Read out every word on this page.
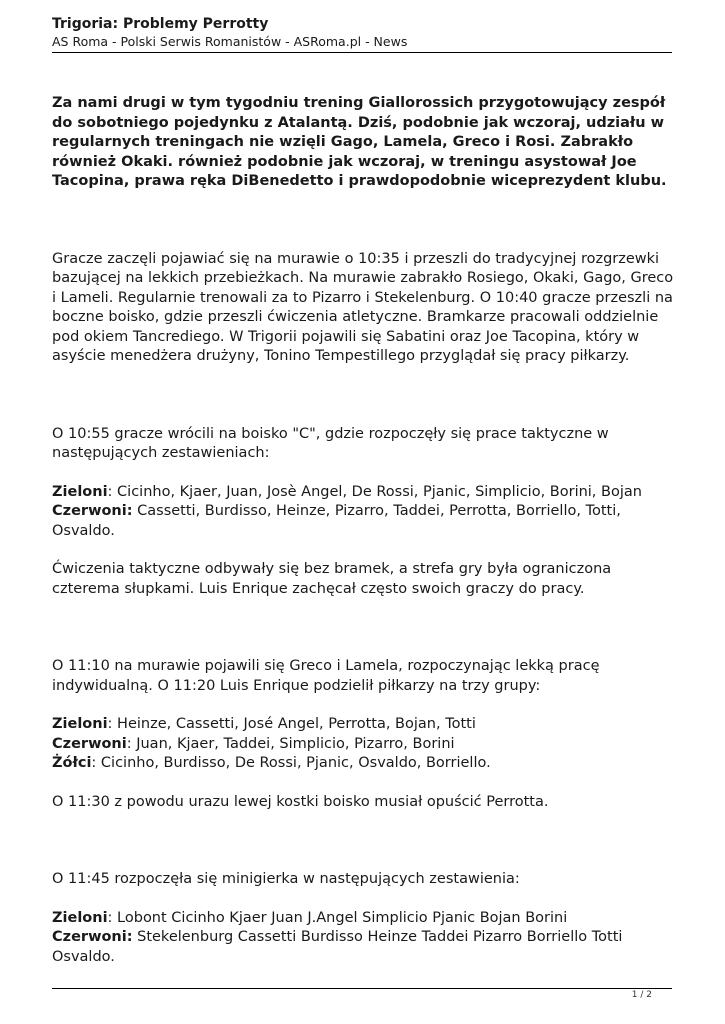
Trigoria: Problemy Perrotty

AS Roma - Polski Serwis Romanistów - ASRoma.pl - News

Za nami drugi w tym tygodniu trening Giallorossich przygotowujący zespół do sobotniego pojedynku z Atalantą. Dziś, podobnie jak wczoraj, udziału w regularnych treningach nie wzięli Gago, Lamela, Greco i Rosi. Zabrakło również Okaki. również podobnie jak wczoraj, w treningu asystował Joe Tacopina, prawa ręka DiBenedetto i prawdopodobnie wiceprezydent klubu.

Gracze zaczęli pojawiać się na murawie o 10:35 i przeszli do tradycyjnej rozgrzewki bazującej na lekkich przebieżkach. Na murawie zabrakło Rosiego, Okaki, Gago, Greco i Lameli. Regularnie trenowali za to Pizarro i Stekelenburg. O 10:40 gracze przeszli na boczne boisko, gdzie przeszli ćwiczenia atletyczne. Bramkarze pracowali oddzielnie pod okiem Tancrediego. W Trigorii pojawili się Sabatini oraz Joe Tacopina, który w asyście menedżera drużyny, Tonino Tempestillego przyglądał się pracy piłkarzy.

O 10:55 gracze wrócili na boisko "C", gdzie rozpoczęły się prace taktyczne w następujących zestawieniach:

Zieloni: Cicinho, Kjaer, Juan, Josè Angel, De Rossi, Pjanic, Simplicio, Borini, Bojan

Czerwoni: Cassetti, Burdisso, Heinze, Pizarro, Taddei, Perrotta, Borriello, Totti, Osvaldo.

Ćwiczenia taktyczne odbywały się bez bramek, a strefa gry była ograniczona czterema słupkami. Luis Enrique zachęcał często swoich graczy do pracy.

O 11:10 na murawie pojawili się Greco i Lamela, rozpoczynając lekką pracę indywidualną. O 11:20 Luis Enrique podzielił piłkarzy na trzy grupy:

Zieloni: Heinze, Cassetti, José Angel, Perrotta, Bojan, Totti

Czerwoni: Juan, Kjaer, Taddei, Simplicio, Pizarro, Borini

Żółci: Cicinho, Burdisso, De Rossi, Pjanic, Osvaldo, Borriello.

O 11:30 z powodu urazu lewej kostki boisko musiał opuścić Perrotta.

O 11:45 rozpoczęła się minigierka w następujących zestawienia:

Zieloni: Lobont Cicinho Kjaer Juan J.Angel Simplicio Pjanic Bojan Borini

Czerwoni: Stekelenburg Cassetti Burdisso Heinze Taddei Pizarro Borriello Totti Osvaldo.

1 / 2
